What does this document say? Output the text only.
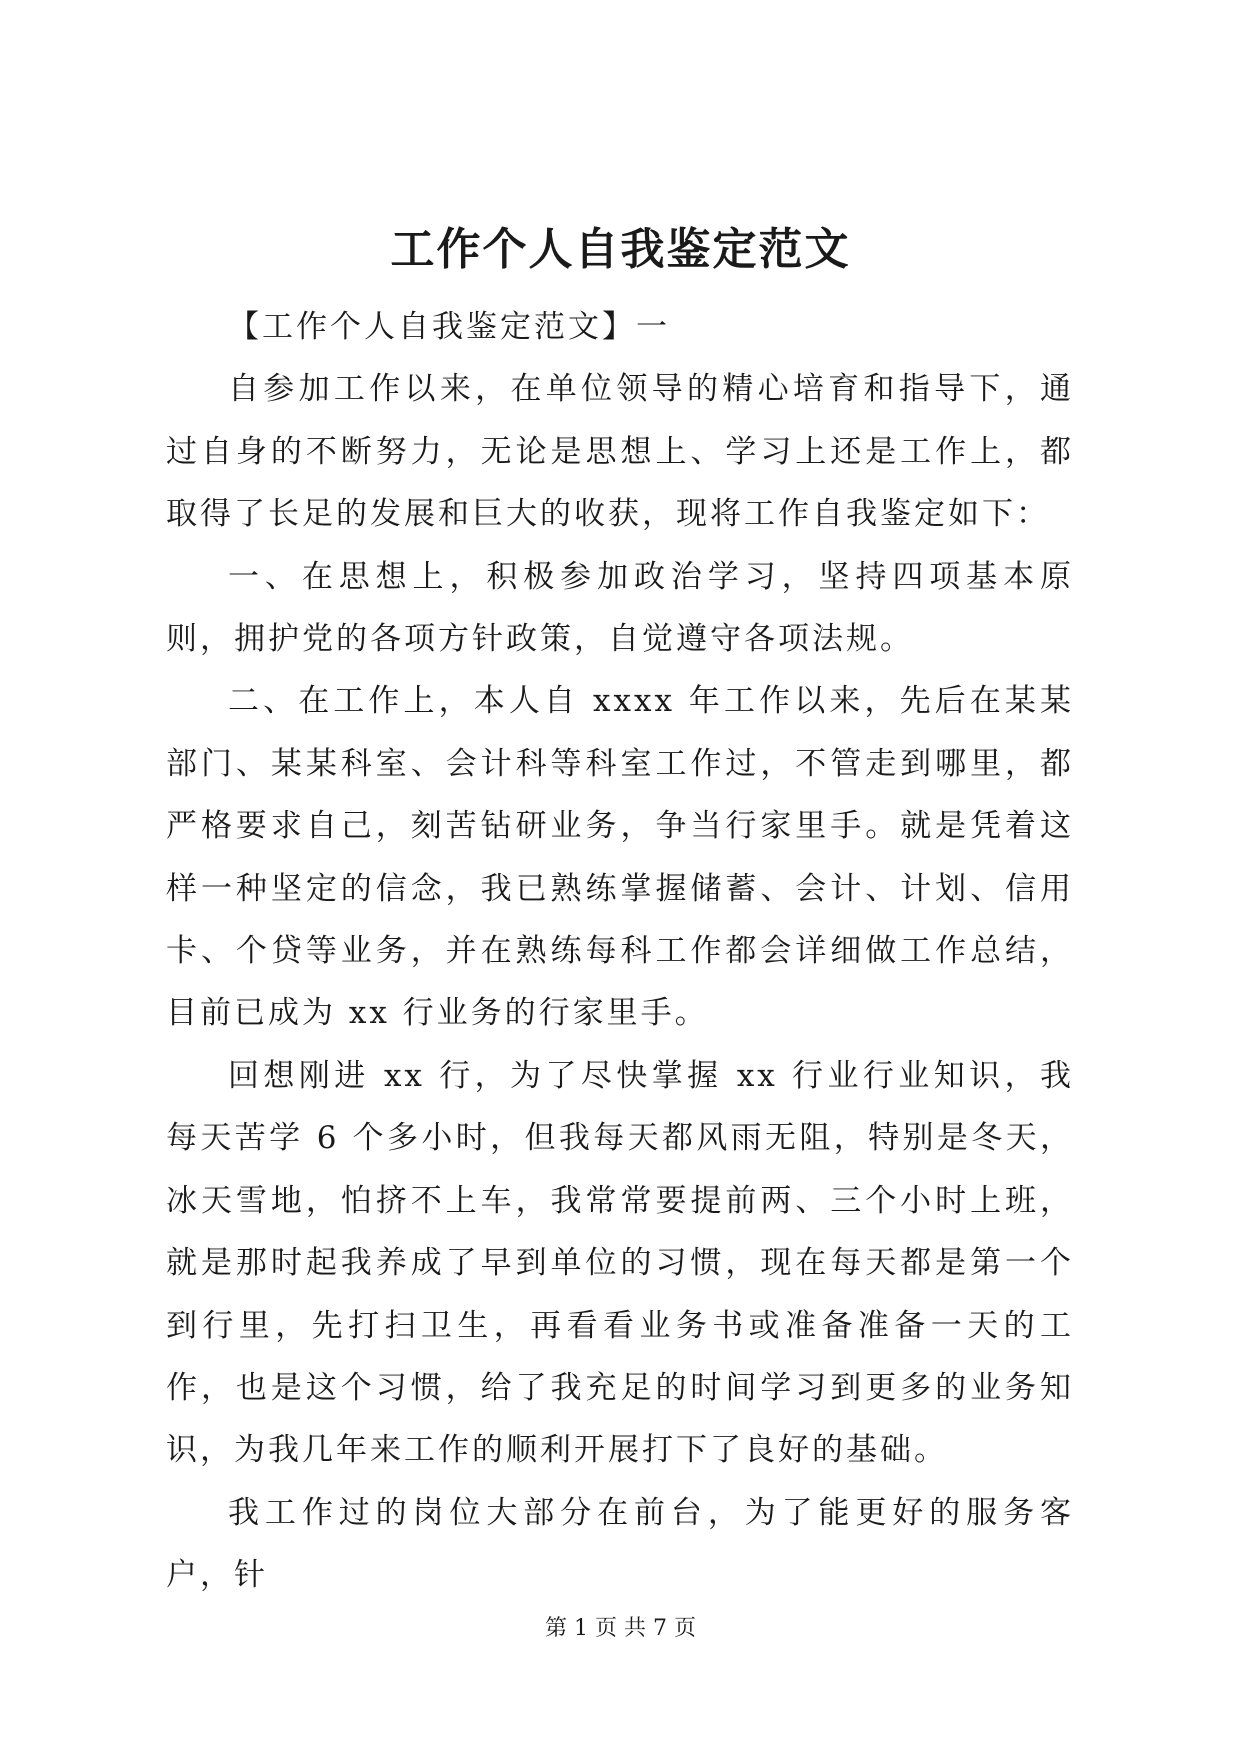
工作个人自我鉴定范文

【工作个人自我鉴定范文】一

自参加工作以来，在单位领导的精心培育和指导下，通过自身的不断努力，无论是思想上、学习上还是工作上，都取得了长足的发展和巨大的收获，现将工作自我鉴定如下：

一、在思想上，积极参加政治学习，坚持四项基本原则，拥护党的各项方针政策，自觉遵守各项法规。

二、在工作上，本人自 xxxx 年工作以来，先后在某某部门、某某科室、会计科等科室工作过，不管走到哪里，都严格要求自己，刻苦钻研业务，争当行家里手。就是凭着这样一种坚定的信念，我已熟练掌握储蓄、会计、计划、信用卡、个贷等业务，并在熟练每科工作都会详细做工作总结，目前已成为 xx 行业务的行家里手。

回想刚进 xx 行，为了尽快掌握 xx 行业行业知识，我每天苦学 6 个多小时，但我每天都风雨无阻，特别是冬天，冰天雪地，怕挤不上车，我常常要提前两、三个小时上班，就是那时起我养成了早到单位的习惯，现在每天都是第一个到行里，先打扫卫生，再看看业务书或准备准备一天的工作，也是这个习惯，给了我充足的时间学习到更多的业务知识，为我几年来工作的顺利开展打下了良好的基础。

我工作过的岗位大部分在前台，为了能更好的服务客户，针

第 1 页 共 7 页
